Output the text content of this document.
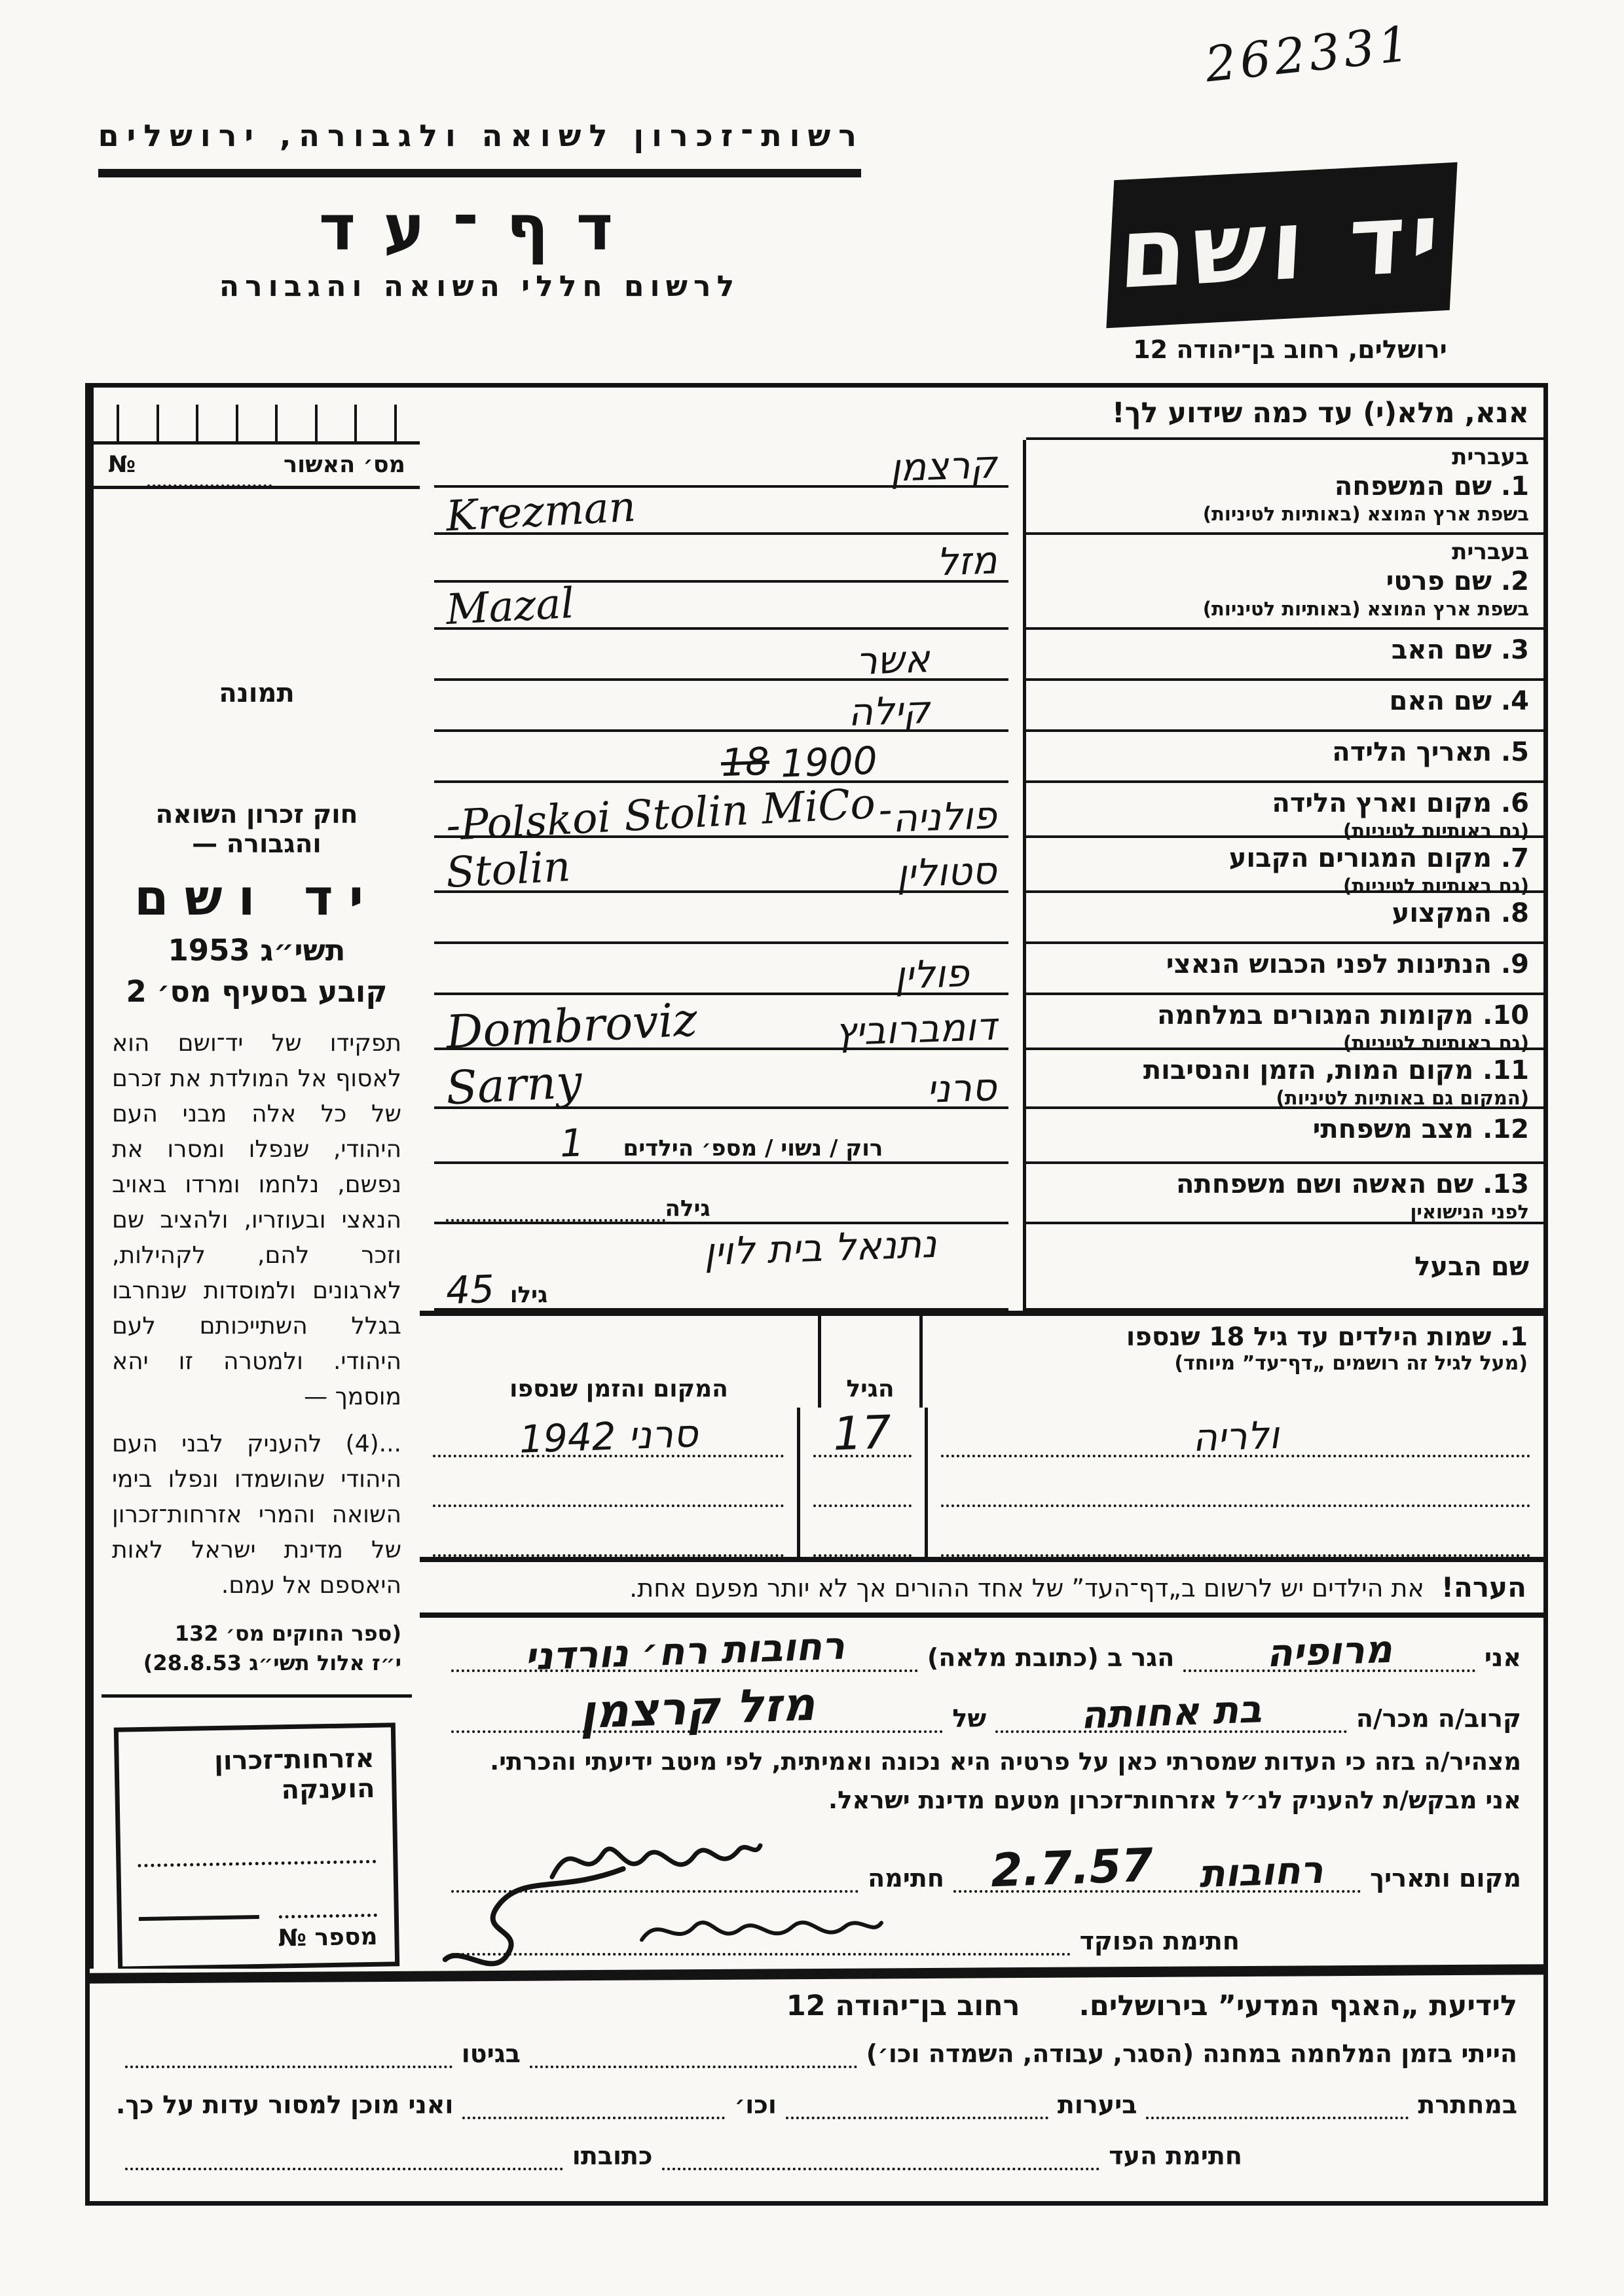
262331
רשות־זכרון לשואה ולגבורה, ירושלים
דף־עד
לרשום חללי השואה והגבורה	יד ושם
ירושלים, רחוב בן־יהודה 12
אנא, מלא(י) עד כמה שידוע לך!
בעברית
1. שם המשפחה
בשפת ארץ המוצא (באותיות לטיניות)
קרצמן
Krezman
בעברית
2. שם פרטי
בשפת ארץ המוצא (באותיות לטיניות)
מזל
Mazal
3. שם האב
אשר
4. שם האם
קילה
5. תאריך הלידה
1900
18
6. מקום וארץ הלידה
(גם באותיות לטיניות)
פולניה־
Polskoi Stolin MiCo-
7. מקום המגורים הקבוע
(גם באותיות לטיניות)
סטולין
Stolin
8. המקצוע
9. הנתינות לפני הכבוש הנאצי
פולין
10. מקומות המגורים במלחמה
(גם באותיות לטיניות)
דומברוביץ
Dombroviz
11. מקום המות, הזמן והנסיבות
(המקום גם באותיות לטיניות)
סרני
Sarny
12. מצב משפחתי
רוק / נשוי / מספ׳ הילדים
1
13. שם האשה ושם משפחתה
לפני הנישואין
גילה
שם הבעל
נתנאל בית לוין
גילו
45
1. שמות הילדים עד גיל 18 שנספו
(מעל לגיל זה רושמים „דף־עד” מיוחד)
הגיל
המקום והזמן שנספו
ולריה
17
סרני 1942
הערה!
את הילדים יש לרשום ב„דף־העד” של אחד ההורים אך לא יותר מפעם אחת.
אני
מרופיה
הגר ב (כתובת מלאה)
רחובות רח׳ נורדני
קרוב/ה מכר/ה
בת אחותה
של
מזל קרצמן
מצהיר/ה בזה כי העדות שמסרתי כאן על פרטיה היא נכונה ואמיתית, לפי מיטב ידיעתי והכרתי.
אני מבקש/ת להעניק לנ״ל אזרחות־זכרון מטעם מדינת ישראל.
מקום ותאריך
רחובות
2.7.57
חתימה
חתימת הפוקד
מס׳ האשור
№
תמונה
חוק זכרון השואה והגבורה —
יד ושם
תשי״ג 1953
קובע בסעיף מס׳ 2
תפקידו של יד־ושם הוא לאסוף אל המולדת את זכרם של כל אלה מבני העם היהודי, שנפלו ומסרו את נפשם, נלחמו ומרדו באויב הנאצי ובעוזריו, ולהציב שם וזכר להם, לקהילות, לארגונים ולמוסדות שנחרבו בגלל השתייכותם לעם היהודי. ולמטרה זו יהא מוסמך —
...(4) להעניק לבני העם היהודי שהושמדו ונפלו בימי השואה והמרי אזרחות־זכרון של מדינת ישראל לאות היאספם אל עמם.
(ספר החוקים מס׳ 132
י״ז אלול תשי״ג 28.8.53)
אזרחות־זכרון הוענקה
מספר №
לידיעת „האגף המדעי” בירושלים.
רחוב בן־יהודה 12
הייתי בזמן המלחמה במחנה (הסגר, עבודה, השמדה וכו׳)
בגיטו
במחתרת
ביערות
וכו׳
ואני מוכן למסור עדות על כך.
חתימת העד
כתובתו
